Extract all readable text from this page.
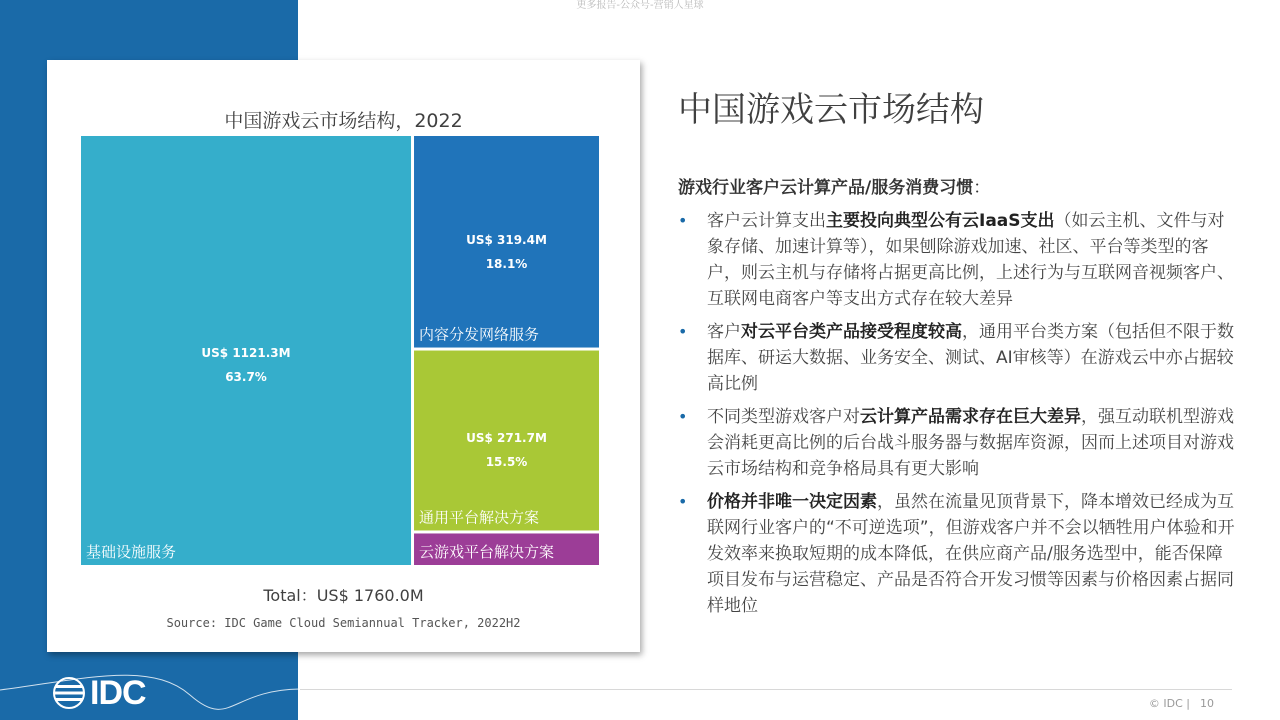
更多报告-公众号-营销人星球
中国游戏云市场结构，2022
US$ 1121.3M
63.7%
基础设施服务
US$ 319.4M
18.1%
内容分发网络服务
US$ 271.7M
15.5%
通用平台解决方案
云游戏平台解决方案
Total：US$ 1760.0M
Source: IDC Game Cloud Semiannual Tracker, 2022H2
中国游戏云市场结构
游戏行业客户云计算产品/服务消费习惯：
• 客户云计算支出主要投向典型公有云IaaS支出（如云主机、文件与对象存储、加速计算等），如果刨除游戏加速、社区、平台等类型的客户，则云主机与存储将占据更高比例，上述行为与互联网音视频客户、互联网电商客户等支出方式存在较大差异
• 客户对云平台类产品接受程度较高，通用平台类方案（包括但不限于数据库、研运大数据、业务安全、测试、AI审核等）在游戏云中亦占据较高比例
• 不同类型游戏客户对云计算产品需求存在巨大差异，强互动联机型游戏会消耗更高比例的后台战斗服务器与数据库资源，因而上述项目对游戏云市场结构和竞争格局具有更大影响
• 价格并非唯一决定因素，虽然在流量见顶背景下，降本增效已经成为互联网行业客户的“不可逆选项”，但游戏客户并不会以牺牲用户体验和开发效率来换取短期的成本降低，在供应商产品/服务选型中，能否保障项目发布与运营稳定、产品是否符合开发习惯等因素与价格因素占据同样地位
IDC	© IDC | 10
